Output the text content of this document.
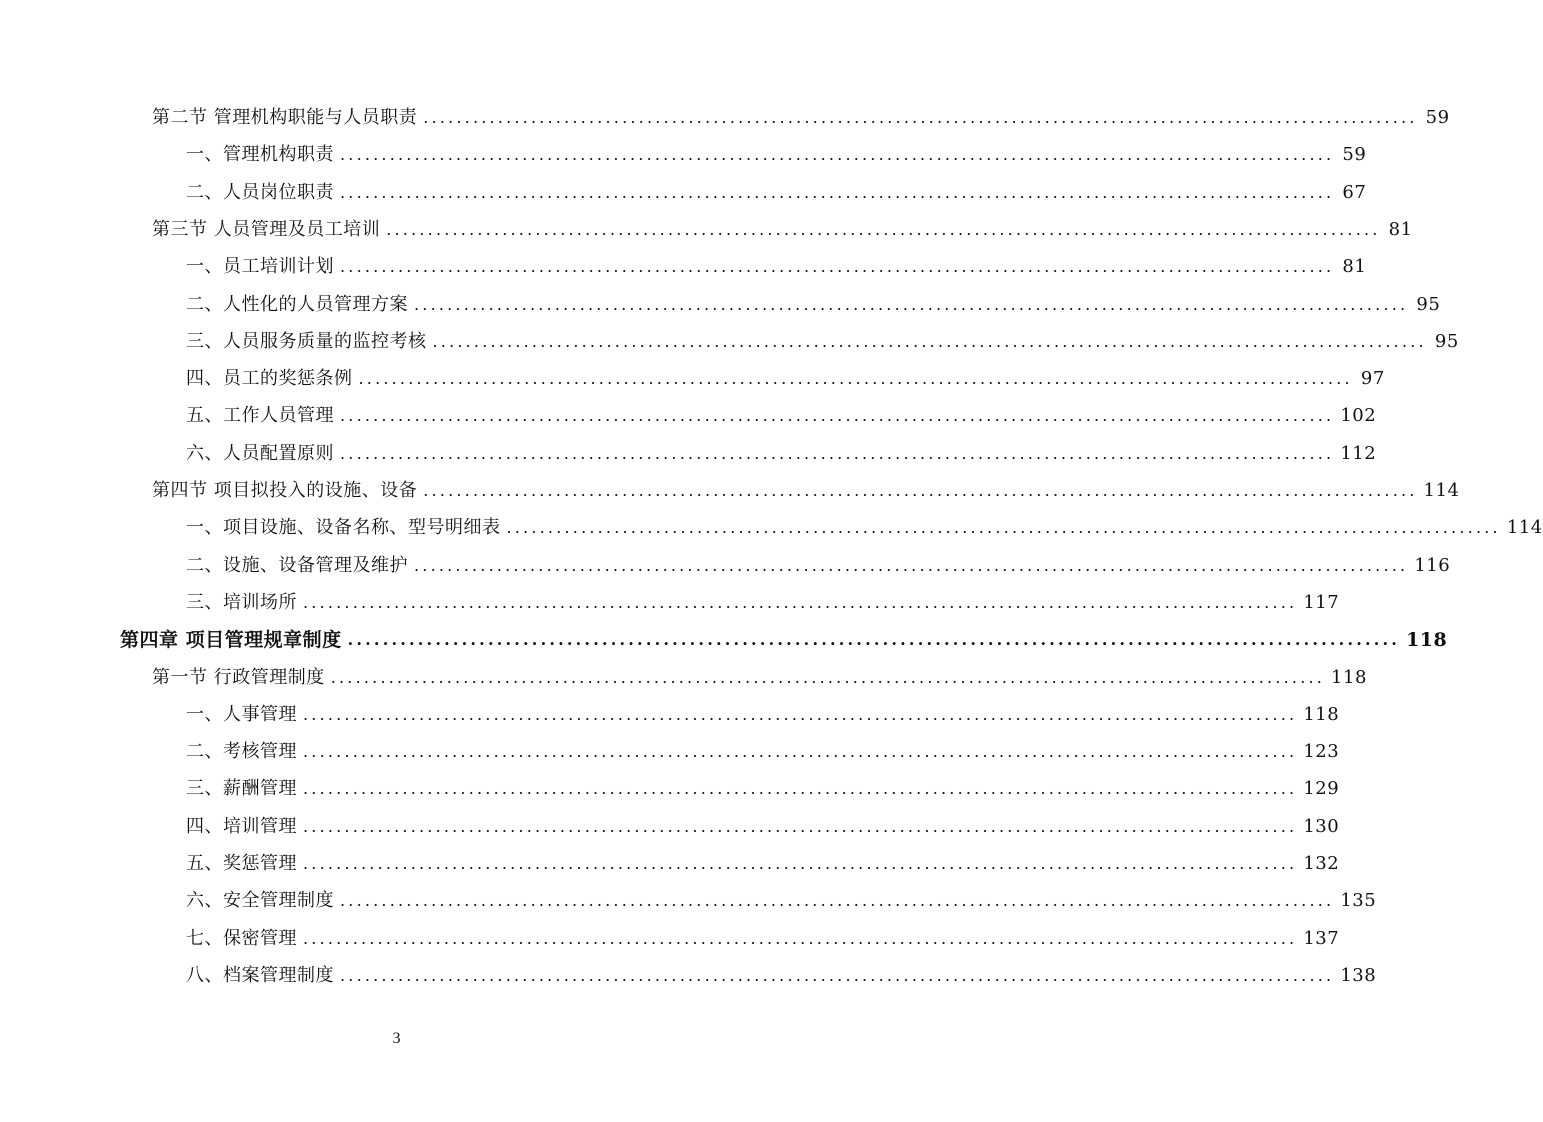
第二节 管理机构职能与人员职责 ........................................................................................................................ 59
一、管理机构职责 ........................................................................................................................ 59
二、人员岗位职责 ........................................................................................................................ 67
第三节 人员管理及员工培训 ........................................................................................................................ 81
一、员工培训计划 ........................................................................................................................ 81
二、人性化的人员管理方案 ........................................................................................................................ 95
三、人员服务质量的监控考核 ........................................................................................................................ 95
四、员工的奖惩条例 ........................................................................................................................ 97
五、工作人员管理 ........................................................................................................................ 102
六、人员配置原则 ........................................................................................................................ 112
第四节 项目拟投入的设施、设备 ........................................................................................................................ 114
一、项目设施、设备名称、型号明细表 ........................................................................................................................ 114
二、设施、设备管理及维护 ........................................................................................................................ 116
三、培训场所 ........................................................................................................................ 117
第四章 项目管理规章制度 ........................................................................................................................ 118
第一节 行政管理制度 ........................................................................................................................ 118
一、人事管理 ........................................................................................................................ 118
二、考核管理 ........................................................................................................................ 123
三、薪酬管理 ........................................................................................................................ 129
四、培训管理 ........................................................................................................................ 130
五、奖惩管理 ........................................................................................................................ 132
六、安全管理制度 ........................................................................................................................ 135
七、保密管理 ........................................................................................................................ 137
八、档案管理制度 ........................................................................................................................ 138
3
